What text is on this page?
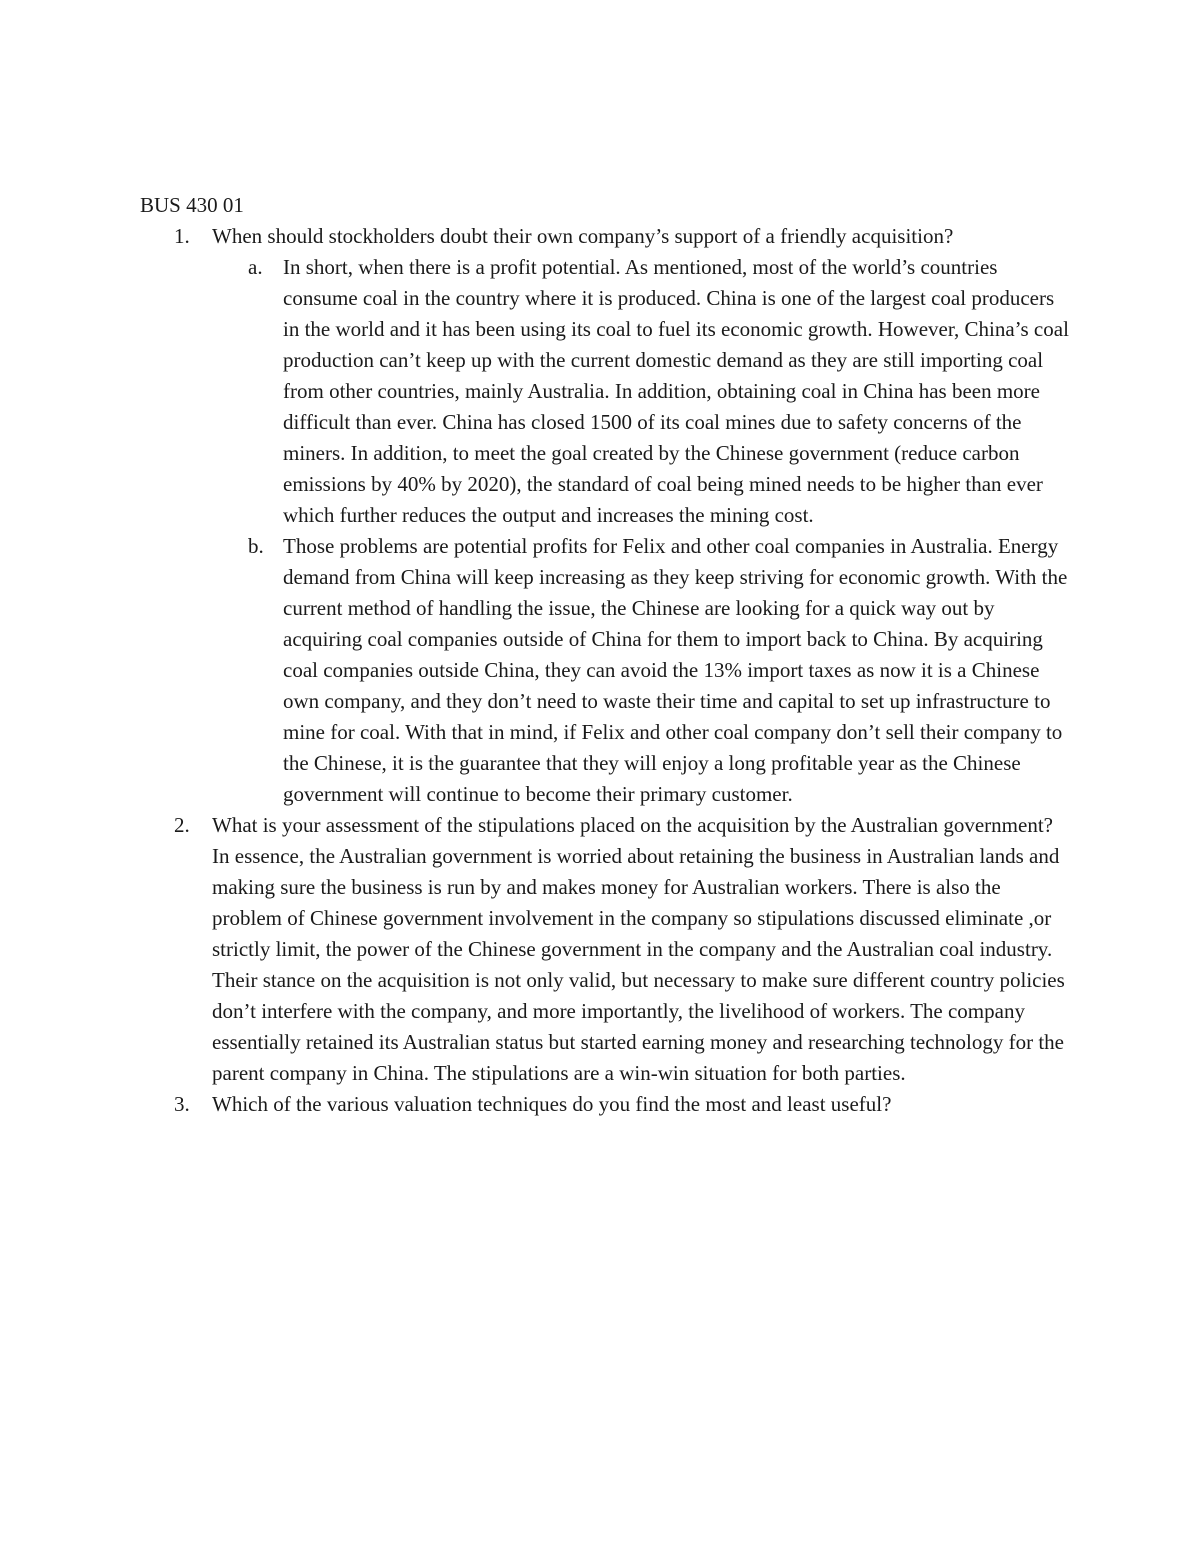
BUS 430 01
1. When should stockholders doubt their own company’s support of a friendly acquisition?
a. In short, when there is a profit potential. As mentioned, most of the world’s countries consume coal in the country where it is produced. China is one of the largest coal producers in the world and it has been using its coal to fuel its economic growth. However, China’s coal production can’t keep up with the current domestic demand as they are still importing coal from other countries, mainly Australia. In addition, obtaining coal in China has been more difficult than ever. China has closed 1500 of its coal mines due to safety concerns of the miners. In addition, to meet the goal created by the Chinese government (reduce carbon emissions by 40% by 2020), the standard of coal being mined needs to be higher than ever which further reduces the output and increases the mining cost.
b. Those problems are potential profits for Felix and other coal companies in Australia. Energy demand from China will keep increasing as they keep striving for economic growth. With the current method of handling the issue, the Chinese are looking for a quick way out by acquiring coal companies outside of China for them to import back to China. By acquiring coal companies outside China, they can avoid the 13% import taxes as now it is a Chinese own company, and they don’t need to waste their time and capital to set up infrastructure to mine for coal. With that in mind, if Felix and other coal company don’t sell their company to the Chinese, it is the guarantee that they will enjoy a long profitable year as the Chinese government will continue to become their primary customer.
2. What is your assessment of the stipulations placed on the acquisition by the Australian government?
In essence, the Australian government is worried about retaining the business in Australian lands and making sure the business is run by and makes money for Australian workers. There is also the problem of Chinese government involvement in the company so stipulations discussed eliminate ,or strictly limit, the power of the Chinese government in the company and the Australian coal industry. Their stance on the acquisition is not only valid, but necessary to make sure different country policies don’t interfere with the company, and more importantly, the livelihood of workers. The company essentially retained its Australian status but started earning money and researching technology for the parent company in China. The stipulations are a win-win situation for both parties.
3. Which of the various valuation techniques do you find the most and least useful?
